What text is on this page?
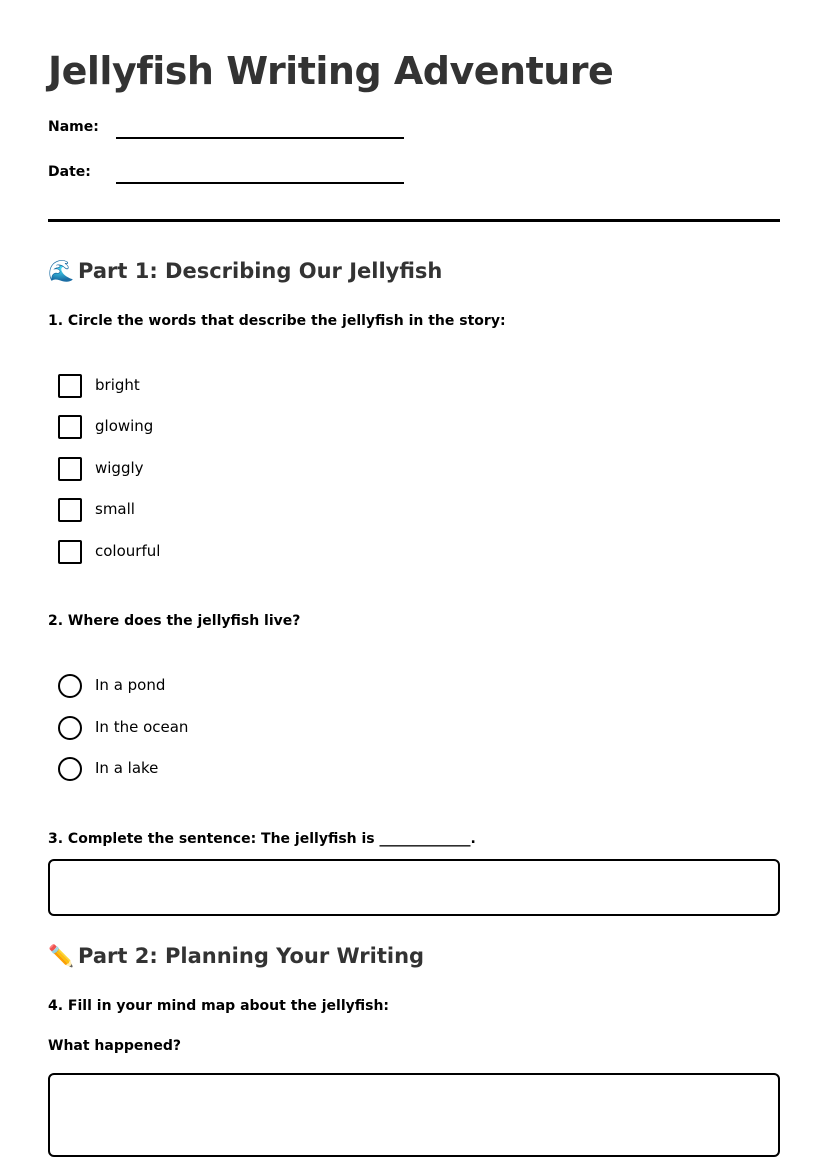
Jellyfish Writing Adventure
Name:
Date:
🌊 Part 1: Describing Our Jellyfish
1. Circle the words that describe the jellyfish in the story:
bright
glowing
wiggly
small
colourful
2. Where does the jellyfish live?
In a pond
In the ocean
In a lake
3. Complete the sentence: The jellyfish is _____________.
✏️ Part 2: Planning Your Writing
4. Fill in your mind map about the jellyfish:
What happened?
